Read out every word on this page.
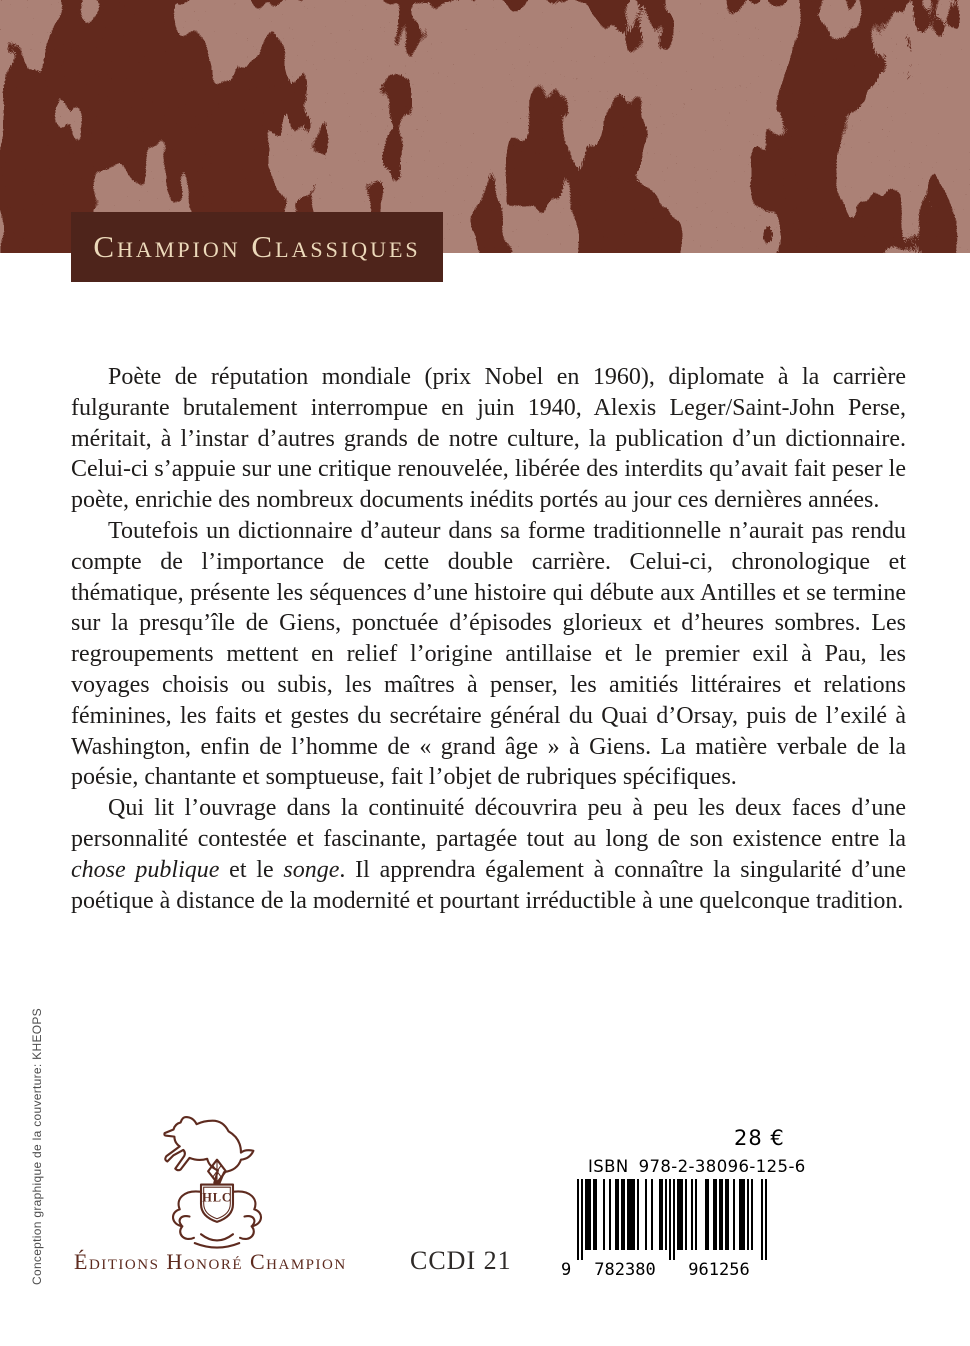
Champion Classiques

Poète de réputation mondiale (prix Nobel en 1960), diplomate à la carrière fulgurante brutalement interrompue en juin 1940, Alexis Leger/Saint-John Perse, méritait, à l’instar d’autres grands de notre culture, la publication d’un dictionnaire. Celui-ci s’appuie sur une critique renouvelée, libérée des interdits qu’avait fait peser le poète, enrichie des nombreux documents inédits portés au jour ces dernières années.

Toutefois un dictionnaire d’auteur dans sa forme traditionnelle n’aurait pas rendu compte de l’importance de cette double carrière. Celui-ci, chronologique et thématique, présente les séquences d’une histoire qui débute aux Antilles et se termine sur la presqu’île de Giens, ponctuée d’épisodes glorieux et d’heures sombres. Les regroupements mettent en relief l’origine antillaise et le premier exil à Pau, les voyages choisis ou subis, les maîtres à penser, les amitiés littéraires et relations féminines, les faits et gestes du secrétaire général du Quai d’Orsay, puis de l’exilé à Washington, enfin de l’homme de « grand âge » à Giens. La matière verbale de la poésie, chantante et somptueuse, fait l’objet de rubriques spécifiques.

Qui lit l’ouvrage dans la continuité découvrira peu à peu les deux faces d’une personnalité contestée et fascinante, partagée tout au long de son existence entre la chose publique et le songe. Il apprendra également à connaître la singularité d’une poétique à distance de la modernité et pourtant irréductible à une quelconque tradition.

Conception graphique de la couverture: KHEOPS	HLC
Éditions Honoré Champion CCDI 21
28 €
ISBN 978-2-38096-125-6
9 782380 961256
